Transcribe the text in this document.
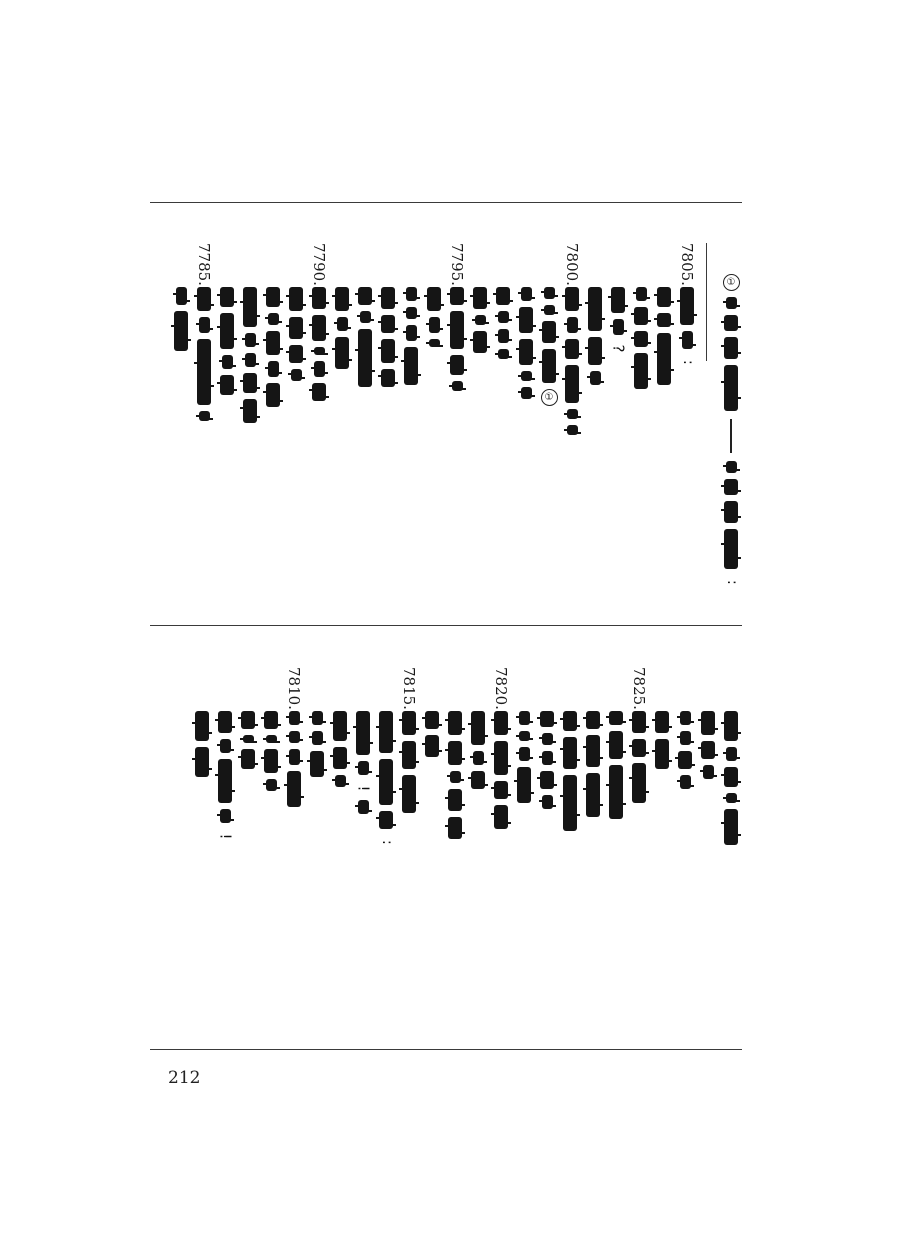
①
∶
7805.
∶
?
7800.
①
7795.
7790.
7785.
7825.
7820.
7815.
∶
!
7810.
!
212
